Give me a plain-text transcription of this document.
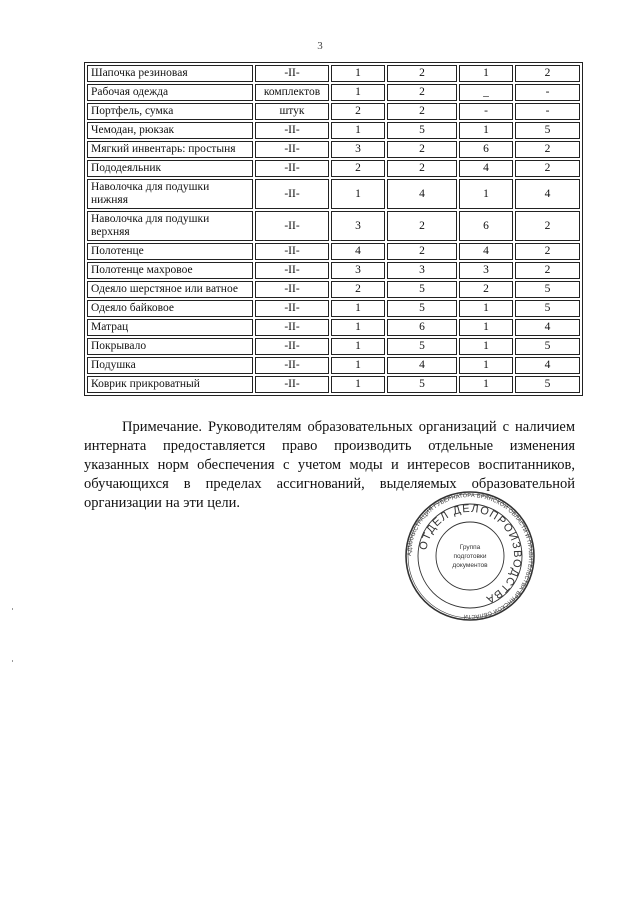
3
Шапочка резиновая	-II-	1	2	1	2
Рабочая одежда	комплектов	1	2	_	-
Портфель, сумка	штук	2	2	-	-
Чемодан, рюкзак	-II-	1	5	1	5
Мягкий инвентарь: простыня	-II-	3	2	6	2
Пододеяльник	-II-	2	2	4	2
Наволочка для подушки нижняя	-II-	1	4	1	4
Наволочка для подушки верхняя	-II-	3	2	6	2
Полотенце	-II-	4	2	4	2
Полотенце махровое	-II-	3	3	3	2
Одеяло шерстяное или ватное	-II-	2	5	2	5
Одеяло байковое	-II-	1	5	1	5
Матрац	-II-	1	6	1	4
Покрывало	-II-	1	5	1	5
Подушка	-II-	1	4	1	4
Коврик прикроватный	-II-	1	5	1	5

Примечание. Руководителям образовательных организаций с наличием интерната предоставляется право производить отдельные изменения указанных норм обеспечения с учетом моды и интересов воспитанников, обучающихся в пределах ассигнований, выделяемых образовательной организации на эти цели.

АДМИНИСТРАЦИЯ ГУБЕРНАТОРА БРЯНСКОЙ ОБЛАСТИ И ПРАВИТЕЛЬСТВА БРЯНСКОЙ ОБЛАСТИ
ОТДЕЛ ДЕЛОПРОИЗВОДСТВА
Группа
подготовки
документов
